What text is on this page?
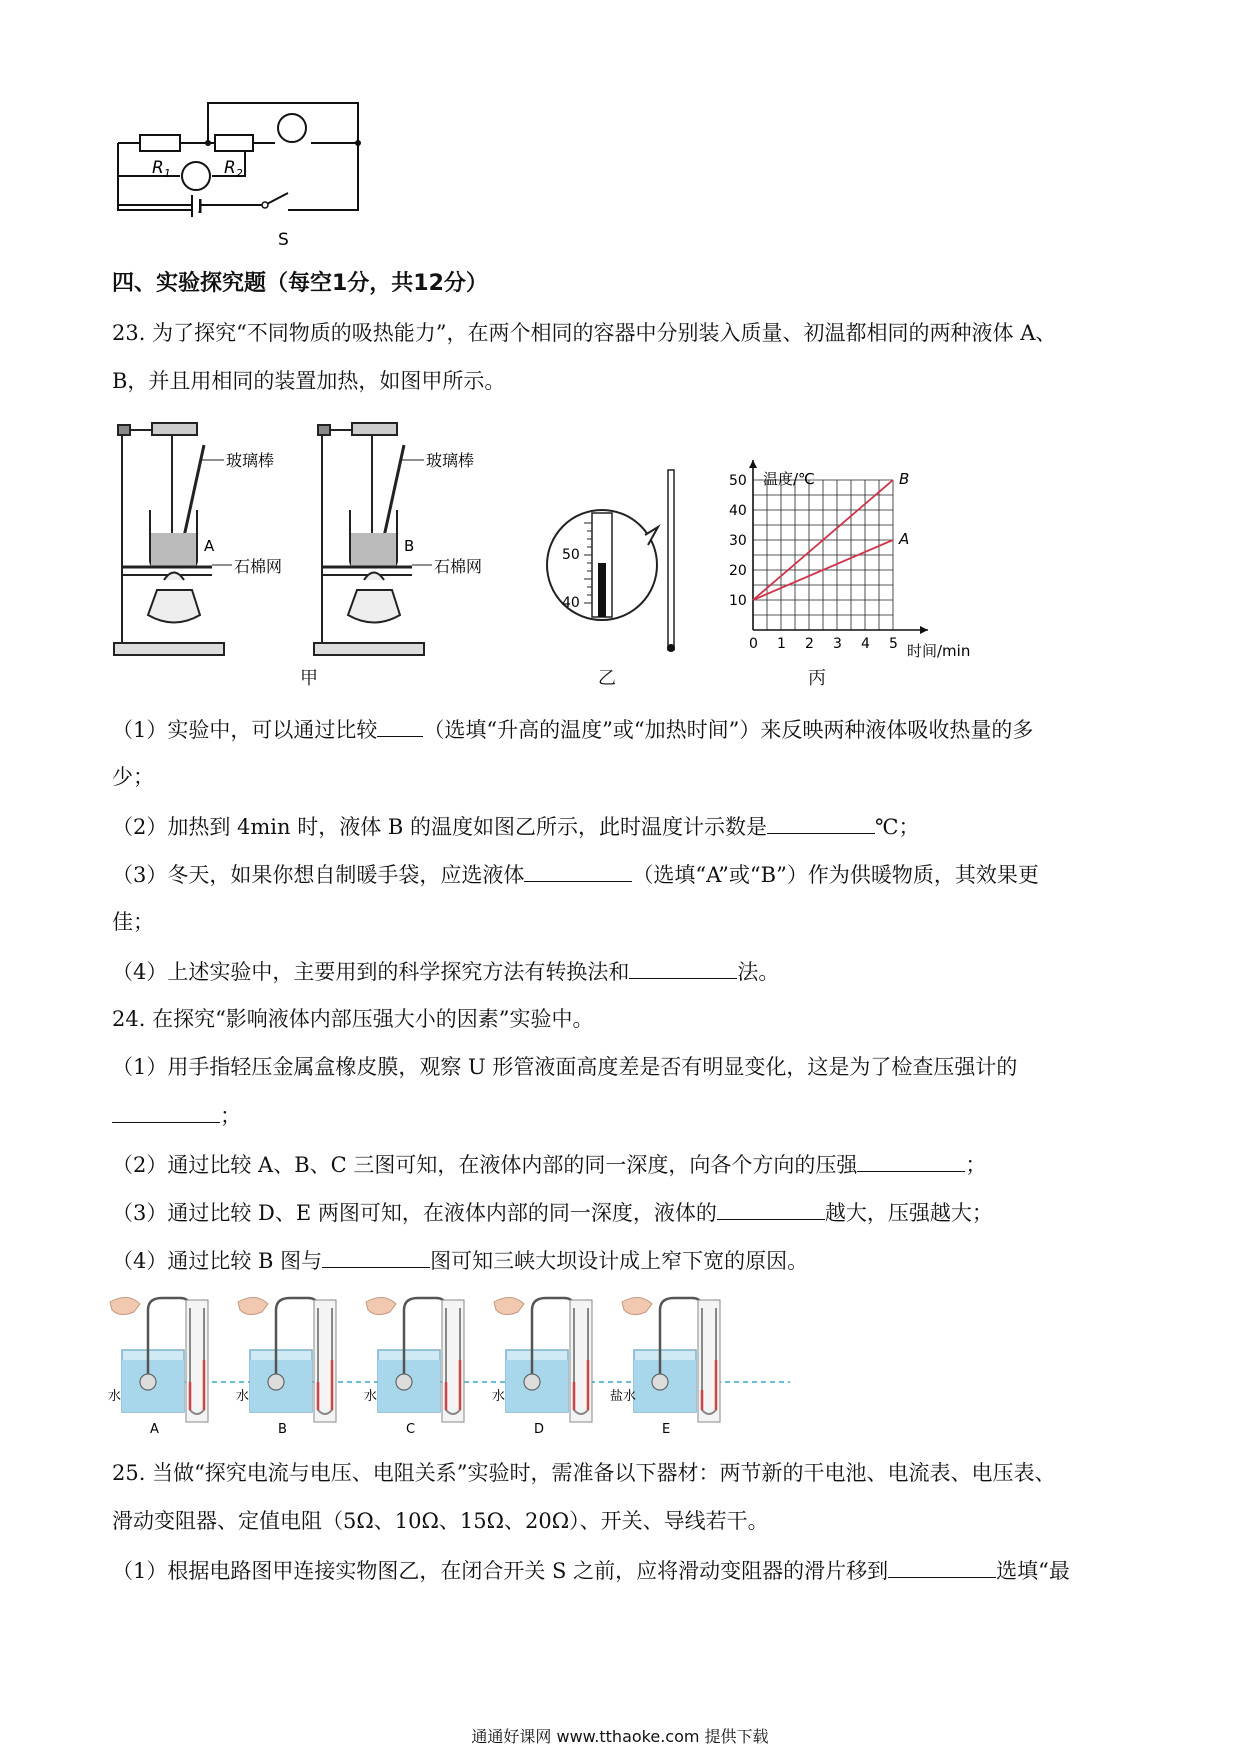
$R_1$	$R_2$
S
四、实验探究题（每空1分，共12分）
23. 为了探究“不同物质的吸热能力”，在两个相同的容器中分别装入质量、初温都相同的两种液体 A、
B，并且用相同的装置加热，如图甲所示。
玻璃棒
石棉网
A
玻璃棒
石棉网
B
甲
50
40
乙
A
B
0 1 2 3 4 5
10
20
30
40
50 温度/℃
时间/min
丙
（1）实验中，可以通过比较 （选填“升高的温度”或“加热时间”）来反映两种液体吸收热量的多
少；
（2）加热到 4min 时，液体 B 的温度如图乙所示，此时温度计示数是	℃；
（3）冬天，如果你想自制暖手袋，应选液体	（选填“A”或“B”）作为供暖物质，其效果更
佳；
（4）上述实验中，主要用到的科学探究方法有转换法和	法。
24. 在探究“影响液体内部压强大小的因素”实验中。
（1）用手指轻压金属盒橡皮膜，观察 U 形管液面高度差是否有明显变化，这是为了检查压强计的
；
（2）通过比较 A、B、C 三图可知，在液体内部的同一深度，向各个方向的压强	；
（3）通过比较 D、E 两图可知，在液体内部的同一深度，液体的	越大，压强越大；
（4）通过比较 B 图与	图可知三峡大坝设计成上窄下宽的原因。
水
A
水
B
水
C
水
D
盐水
E
25. 当做“探究电流与电压、电阻关系”实验时，需准备以下器材：两节新的干电池、电流表、电压表、
滑动变阻器、定值电阻（5Ω、10Ω、15Ω、20Ω）、开关、导线若干。
（1）根据电路图甲连接实物图乙，在闭合开关 S 之前，应将滑动变阻器的滑片移到	选填“最
通通好课网 www.tthaoke.com 提供下载
